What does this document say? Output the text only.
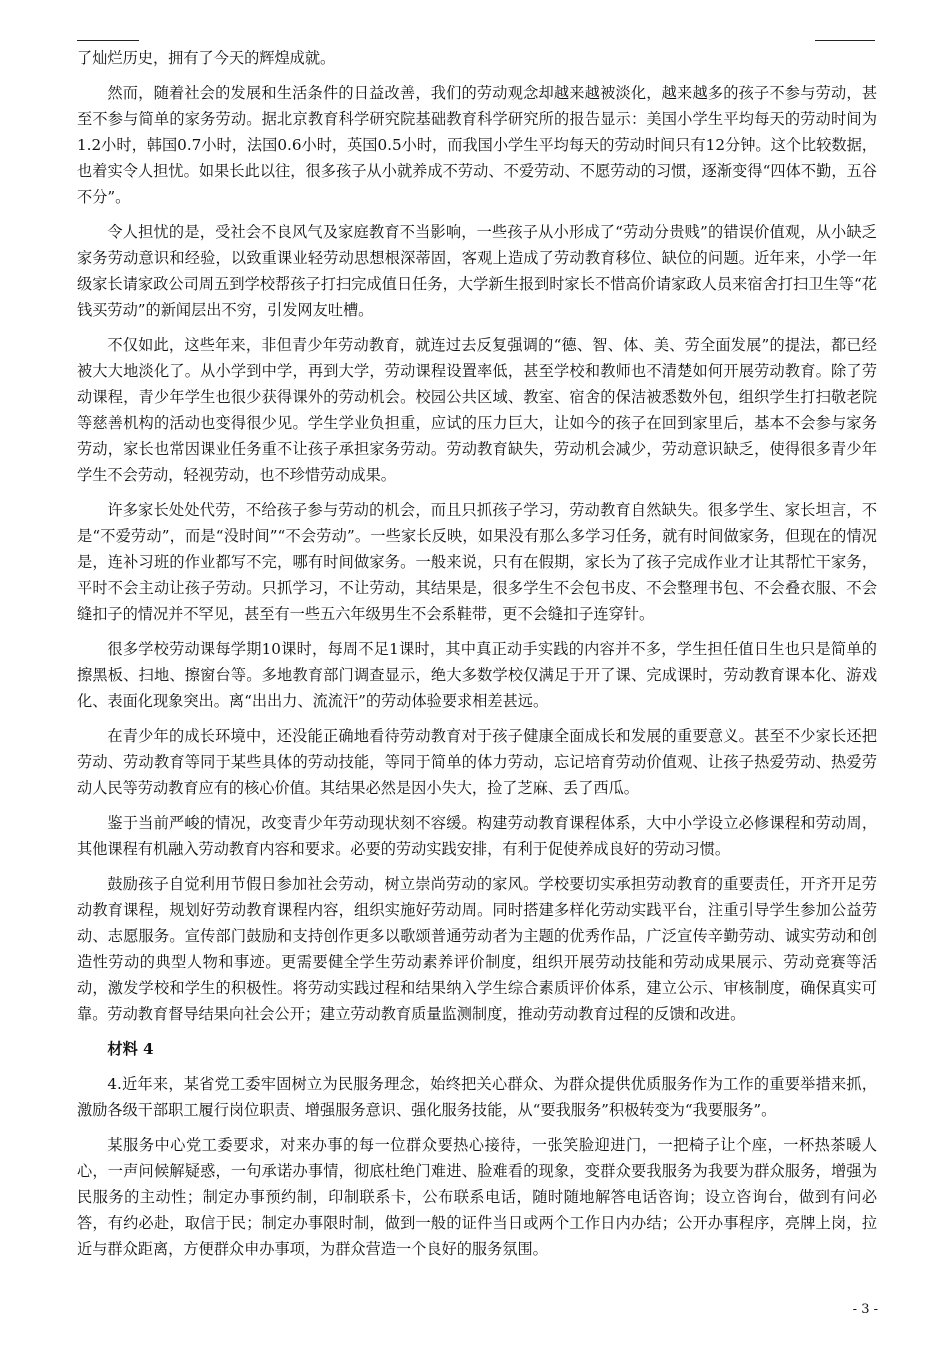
了灿烂历史，拥有了今天的辉煌成就。

然而，随着社会的发展和生活条件的日益改善，我们的劳动观念却越来越被淡化，越来越多的孩子不参与劳动，甚至不参与简单的家务劳动。据北京教育科学研究院基础教育科学研究所的报告显示：美国小学生平均每天的劳动时间为1.2小时，韩国0.7小时，法国0.6小时，英国0.5小时，而我国小学生平均每天的劳动时间只有12分钟。这个比较数据，也着实令人担忧。如果长此以往，很多孩子从小就养成不劳动、不爱劳动、不愿劳动的习惯，逐渐变得“四体不勤，五谷不分”。

令人担忧的是，受社会不良风气及家庭教育不当影响，一些孩子从小形成了“劳动分贵贱”的错误价值观，从小缺乏家务劳动意识和经验，以致重课业轻劳动思想根深蒂固，客观上造成了劳动教育移位、缺位的问题。近年来，小学一年级家长请家政公司周五到学校帮孩子打扫完成值日任务，大学新生报到时家长不惜高价请家政人员来宿舍打扫卫生等“花钱买劳动”的新闻层出不穷，引发网友吐槽。

不仅如此，这些年来，非但青少年劳动教育，就连过去反复强调的“德、智、体、美、劳全面发展”的提法，都已经被大大地淡化了。从小学到中学，再到大学，劳动课程设置率低，甚至学校和教师也不清楚如何开展劳动教育。除了劳动课程，青少年学生也很少获得课外的劳动机会。校园公共区域、教室、宿舍的保洁被悉数外包，组织学生打扫敬老院等慈善机构的活动也变得很少见。学生学业负担重，应试的压力巨大，让如今的孩子在回到家里后，基本不会参与家务劳动，家长也常因课业任务重不让孩子承担家务劳动。劳动教育缺失，劳动机会减少，劳动意识缺乏，使得很多青少年学生不会劳动，轻视劳动，也不珍惜劳动成果。

许多家长处处代劳，不给孩子参与劳动的机会，而且只抓孩子学习，劳动教育自然缺失。很多学生、家长坦言，不是“不爱劳动”，而是“没时间”“不会劳动”。一些家长反映，如果没有那么多学习任务，就有时间做家务，但现在的情况是，连补习班的作业都写不完，哪有时间做家务。一般来说，只有在假期，家长为了孩子完成作业才让其帮忙干家务，平时不会主动让孩子劳动。只抓学习，不让劳动，其结果是，很多学生不会包书皮、不会整理书包、不会叠衣服、不会缝扣子的情况并不罕见，甚至有一些五六年级男生不会系鞋带，更不会缝扣子连穿针。

很多学校劳动课每学期10课时，每周不足1课时，其中真正动手实践的内容并不多，学生担任值日生也只是简单的擦黑板、扫地、擦窗台等。多地教育部门调查显示，绝大多数学校仅满足于开了课、完成课时，劳动教育课本化、游戏化、表面化现象突出。离“出出力、流流汗”的劳动体验要求相差甚远。

在青少年的成长环境中，还没能正确地看待劳动教育对于孩子健康全面成长和发展的重要意义。甚至不少家长还把劳动、劳动教育等同于某些具体的劳动技能，等同于简单的体力劳动，忘记培育劳动价值观、让孩子热爱劳动、热爱劳动人民等劳动教育应有的核心价值。其结果必然是因小失大，捡了芝麻、丢了西瓜。

鉴于当前严峻的情况，改变青少年劳动现状刻不容缓。构建劳动教育课程体系，大中小学设立必修课程和劳动周，其他课程有机融入劳动教育内容和要求。必要的劳动实践安排，有利于促使养成良好的劳动习惯。

鼓励孩子自觉利用节假日参加社会劳动，树立崇尚劳动的家风。学校要切实承担劳动教育的重要责任，开齐开足劳动教育课程，规划好劳动教育课程内容，组织实施好劳动周。同时搭建多样化劳动实践平台，注重引导学生参加公益劳动、志愿服务。宣传部门鼓励和支持创作更多以歌颂普通劳动者为主题的优秀作品，广泛宣传辛勤劳动、诚实劳动和创造性劳动的典型人物和事迹。更需要健全学生劳动素养评价制度，组织开展劳动技能和劳动成果展示、劳动竞赛等活动，激发学校和学生的积极性。将劳动实践过程和结果纳入学生综合素质评价体系，建立公示、审核制度，确保真实可靠。劳动教育督导结果向社会公开；建立劳动教育质量监测制度，推动劳动教育过程的反馈和改进。

材料 4

4.近年来，某省党工委牢固树立为民服务理念，始终把关心群众、为群众提供优质服务作为工作的重要举措来抓，激励各级干部职工履行岗位职责、增强服务意识、强化服务技能，从“要我服务”积极转变为“我要服务”。

某服务中心党工委要求，对来办事的每一位群众要热心接待，一张笑脸迎进门，一把椅子让个座，一杯热茶暖人心，一声问候解疑惑，一句承诺办事情，彻底杜绝门难进、脸难看的现象，变群众要我服务为我要为群众服务，增强为民服务的主动性；制定办事预约制，印制联系卡，公布联系电话，随时随地解答电话咨询；设立咨询台，做到有问必答，有约必赴，取信于民；制定办事限时制，做到一般的证件当日或两个工作日内办结；公开办事程序，亮牌上岗，拉近与群众距离，方便群众申办事项，为群众营造一个良好的服务氛围。

- 3 -
